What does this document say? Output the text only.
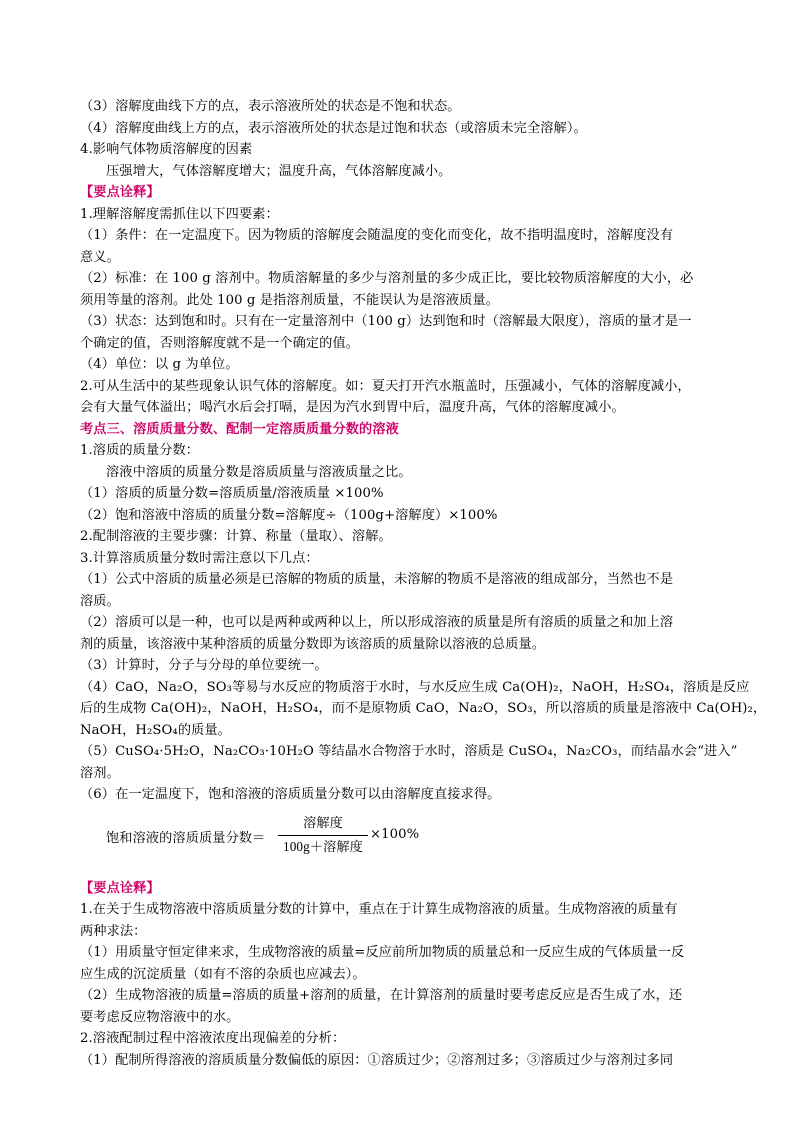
（3）溶解度曲线下方的点，表示溶液所处的状态是不饱和状态。
（4）溶解度曲线上方的点，表示溶液所处的状态是过饱和状态（或溶质未完全溶解）。
4.影响气体物质溶解度的因素
压强增大，气体溶解度增大；温度升高，气体溶解度减小。
【要点诠释】
1.理解溶解度需抓住以下四要素：
（1）条件：在一定温度下。因为物质的溶解度会随温度的变化而变化，故不指明温度时，溶解度没有
意义。
（2）标准：在 100 g 溶剂中。物质溶解量的多少与溶剂量的多少成正比，要比较物质溶解度的大小，必
须用等量的溶剂。此处 100 g 是指溶剂质量，不能误认为是溶液质量。
（3）状态：达到饱和时。只有在一定量溶剂中（100 g）达到饱和时（溶解最大限度），溶质的量才是一
个确定的值，否则溶解度就不是一个确定的值。
（4）单位：以 g 为单位。
2.可从生活中的某些现象认识气体的溶解度。如：夏天打开汽水瓶盖时，压强减小，气体的溶解度减小，
会有大量气体溢出；喝汽水后会打嗝，是因为汽水到胃中后，温度升高，气体的溶解度减小。
考点三、溶质质量分数、配制一定溶质质量分数的溶液
1.溶质的质量分数：
溶液中溶质的质量分数是溶质质量与溶液质量之比。
（1）溶质的质量分数=溶质质量/溶液质量 ×100%
（2）饱和溶液中溶质的质量分数=溶解度÷（100g+溶解度）×100%
2.配制溶液的主要步骤：计算、称量（量取）、溶解。
3.计算溶质质量分数时需注意以下几点：
（1）公式中溶质的质量必须是已溶解的物质的质量，未溶解的物质不是溶液的组成部分，当然也不是
溶质。
（2）溶质可以是一种，也可以是两种或两种以上，所以形成溶液的质量是所有溶质的质量之和加上溶
剂的质量，该溶液中某种溶质的质量分数即为该溶质的质量除以溶液的总质量。
（3）计算时，分子与分母的单位要统一。
（4）CaO，Na₂O，SO₃等易与水反应的物质溶于水时，与水反应生成 Ca(OH)₂，NaOH，H₂SO₄，溶质是反应
后的生成物 Ca(OH)₂，NaOH，H₂SO₄，而不是原物质 CaO，Na₂O，SO₃，所以溶质的质量是溶液中 Ca(OH)₂，
NaOH，H₂SO₄的质量。
（5）CuSO₄·5H₂O，Na₂CO₃·10H₂O 等结晶水合物溶于水时，溶质是 CuSO₄，Na₂CO₃，而结晶水会“进入”
溶剂。
（6）在一定温度下，饱和溶液的溶质质量分数可以由溶解度直接求得。
饱和溶液的溶质质量分数＝
溶解度
100g＋溶解度
×100%
【要点诠释】
1.在关于生成物溶液中溶质质量分数的计算中，重点在于计算生成物溶液的质量。生成物溶液的质量有
两种求法：
（1）用质量守恒定律来求，生成物溶液的质量=反应前所加物质的质量总和一反应生成的气体质量一反
应生成的沉淀质量（如有不溶的杂质也应减去）。
（2）生成物溶液的质量=溶质的质量+溶剂的质量，在计算溶剂的质量时要考虑反应是否生成了水，还
要考虑反应物溶液中的水。
2.溶液配制过程中溶液浓度出现偏差的分析：
（1）配制所得溶液的溶质质量分数偏低的原因：①溶质过少；②溶剂过多；③溶质过少与溶剂过多同
